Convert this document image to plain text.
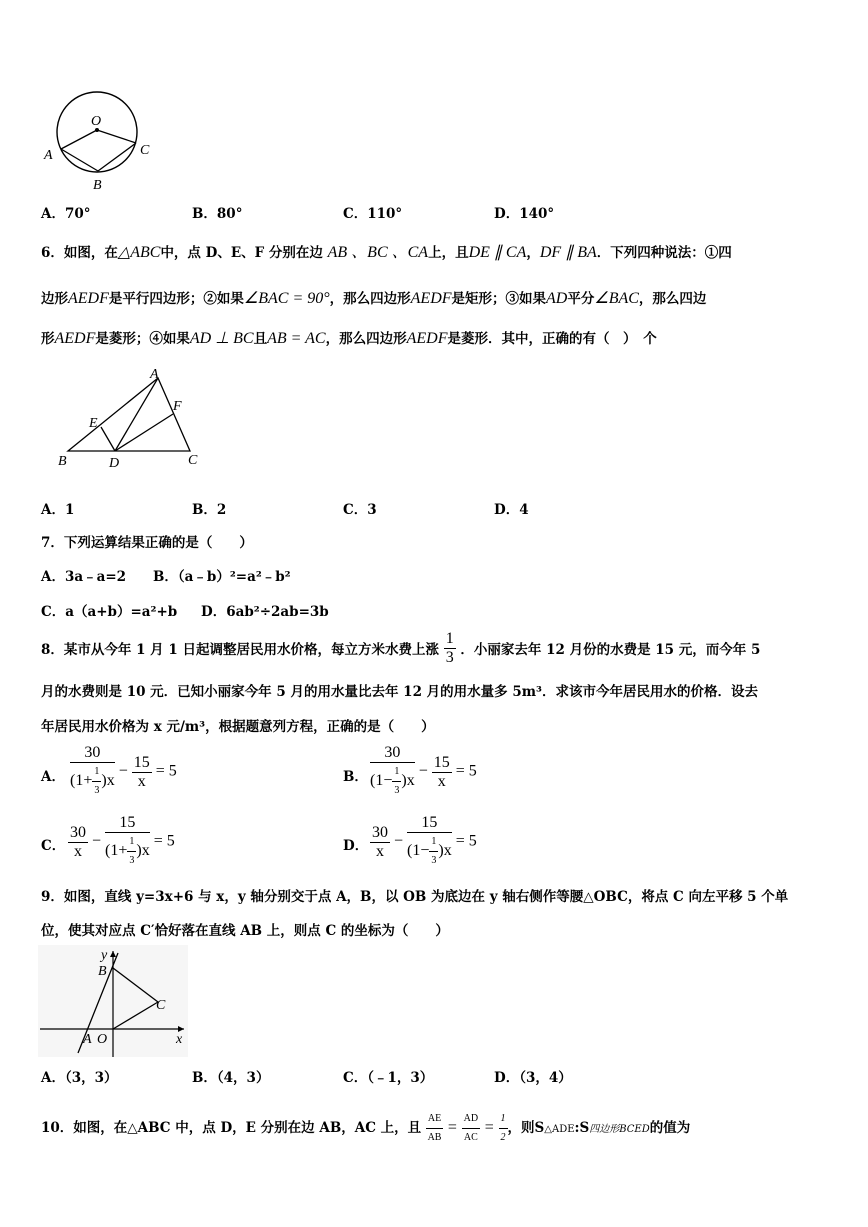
O
A	C
B
A．70°	B．80°	C．110°	D．140°
6．如图，在△ABC中，点 D、E、F 分别在边 AB 、BC 、CA上，且DE ∥ CA，DF ∥ BA．下列四种说法：①四
边形AEDF是平行四边形；②如果∠BAC = 90°，那么四边形AEDF是矩形；③如果AD平分∠BAC，那么四边
形AEDF是菱形；④如果AD ⊥ BC且AB = AC，那么四边形AEDF是菱形．其中，正确的有（　）　个
A
F
E
B	D	C
A．1	B．2	C．3	D．4
7．下列运算结果正确的是（　　）
A．3a﹣a=2 B．（a﹣b）²=a²﹣b²
C．a（a+b）=a²+b D．6ab²÷2ab=3b
8．某市从今年 1 月 1 日起调整居民用水价格，每立方米水费上涨 $\frac{1}{3}$ ．小丽家去年 12 月份的水费是 15 元，而今年 5
月的水费则是 10 元．已知小丽家今年 5 月的用水量比去年 12 月的用水量多 5m³．求该市今年居民用水的价格．设去
年居民用水价格为 x 元/m³，根据题意列方程，正确的是（　　）
A． $\frac{30}{(1+ \frac{1}{3} )x} - \frac{15}{x} = 5$	B． $\frac{30}{(1- \frac{1}{3} )x} - \frac{15}{x} = 5$
C． $\frac{30}{x} - \frac{15}{(1+ \frac{1}{3} )x} = 5$	D． $\frac{30}{x} - \frac{15}{(1- \frac{1}{3} )x} = 5$
9．如图，直线 y=3x+6 与 x，y 轴分别交于点 A，B，以 OB 为底边在 y 轴右侧作等腰△OBC，将点 C 向左平移 5 个单
位，使其对应点 C′恰好落在直线 AB 上，则点 C 的坐标为（　　）
y
B
C
A O	x
A．（3，3）	B．（4，3）	C．（﹣1，3）	D．（3，4）
10．如图，在△ABC 中，点 D，E 分别在边 AB，AC 上，且 $\frac{AE}{AB} = \frac{AD}{AC} = \frac{1}{2}$ ，则S△ADE:S四边形BCED的值为
